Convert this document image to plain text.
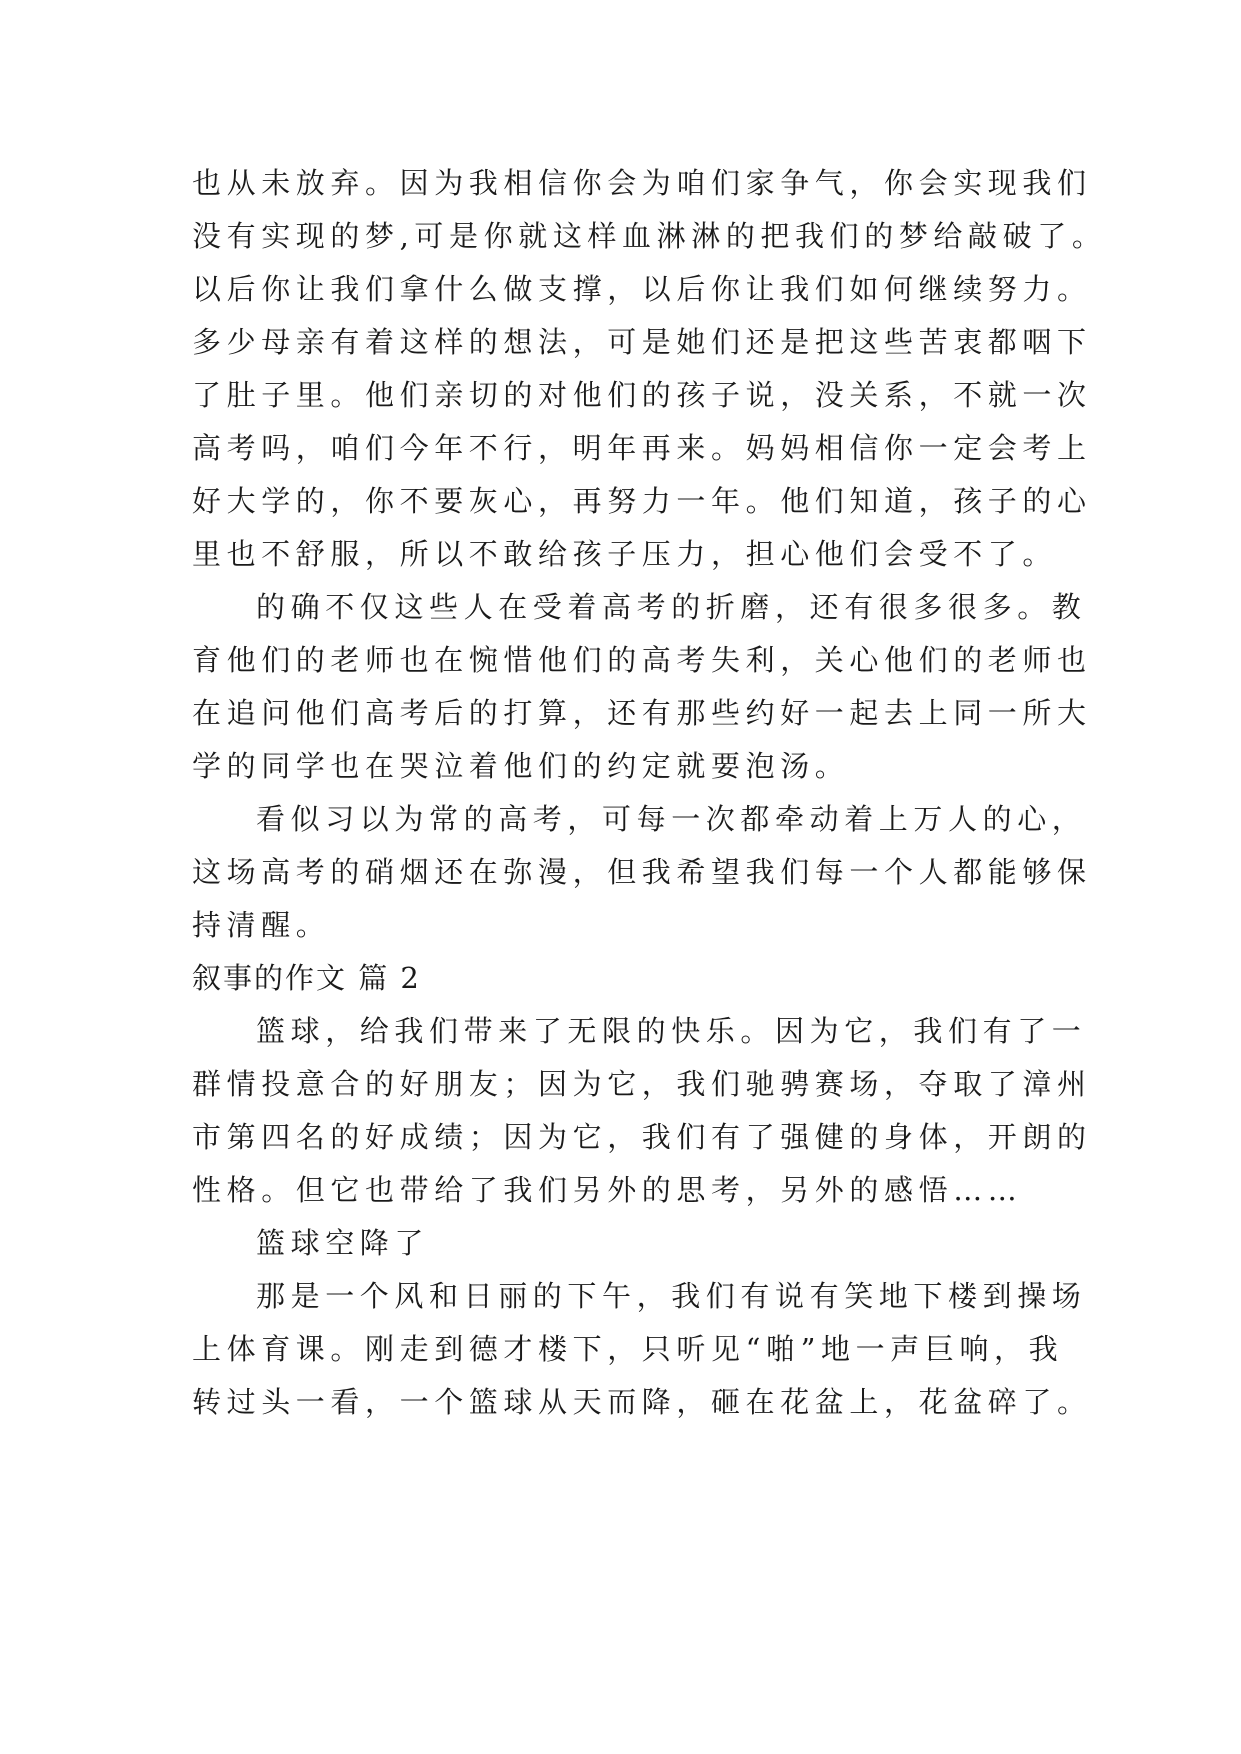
也从未放弃。因为我相信你会为咱们家争气，你会实现我们
没有实现的梦,可是你就这样血淋淋的把我们的梦给敲破了。
以后你让我们拿什么做支撑，以后你让我们如何继续努力。
多少母亲有着这样的想法，可是她们还是把这些苦衷都咽下
了肚子里。他们亲切的对他们的孩子说，没关系，不就一次
高考吗，咱们今年不行，明年再来。妈妈相信你一定会考上
好大学的，你不要灰心，再努力一年。他们知道，孩子的心
里也不舒服，所以不敢给孩子压力，担心他们会受不了。
的确不仅这些人在受着高考的折磨，还有很多很多。教
育他们的老师也在惋惜他们的高考失利，关心他们的老师也
在追问他们高考后的打算，还有那些约好一起去上同一所大
学的同学也在哭泣着他们的约定就要泡汤。
看似习以为常的高考，可每一次都牵动着上万人的心，
这场高考的硝烟还在弥漫，但我希望我们每一个人都能够保
持清醒。
叙事的作文 篇 2
篮球，给我们带来了无限的快乐。因为它，我们有了一
群情投意合的好朋友；因为它，我们驰骋赛场，夺取了漳州
市第四名的好成绩；因为它，我们有了强健的身体，开朗的
性格。但它也带给了我们另外的思考，另外的感悟……
篮球空降了
那是一个风和日丽的下午，我们有说有笑地下楼到操场
上体育课。刚走到德才楼下，只听见“啪”地一声巨响，我
转过头一看，一个篮球从天而降，砸在花盆上，花盆碎了。
